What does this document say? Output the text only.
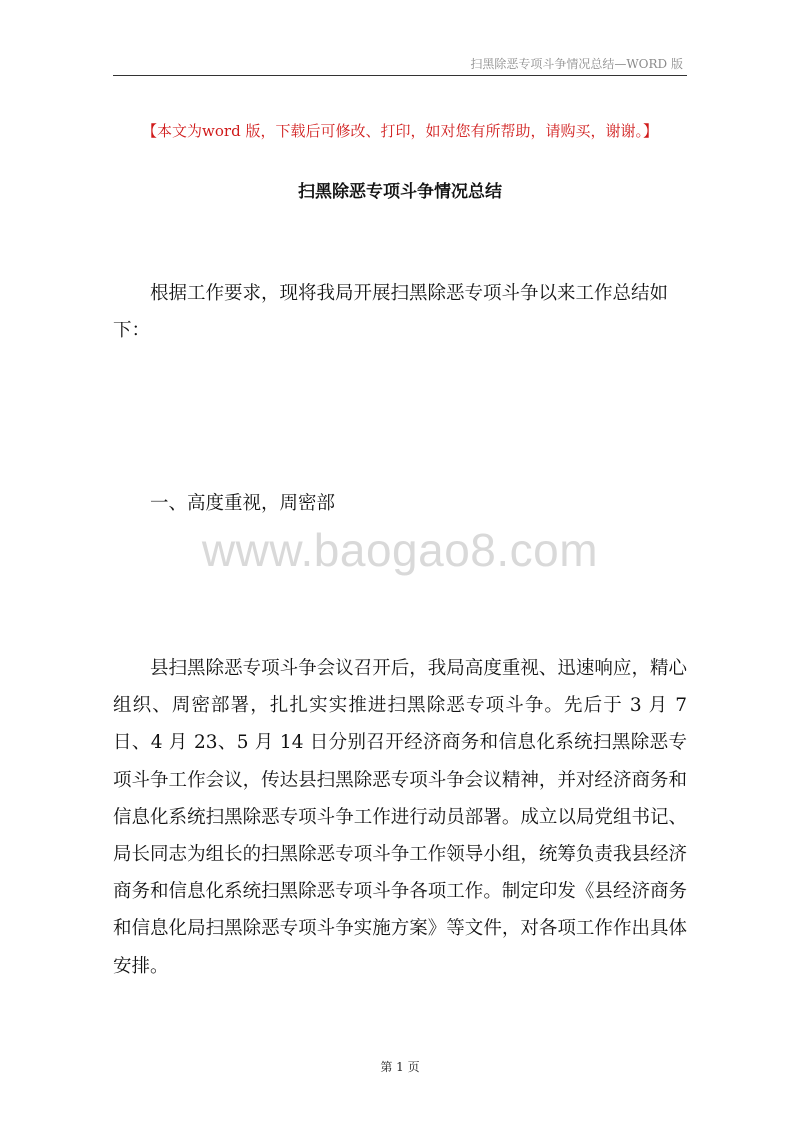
扫黑除恶专项斗争情况总结—WORD 版
【本文为word 版，下载后可修改、打印，如对您有所帮助，请购买，谢谢。】
扫黑除恶专项斗争情况总结

根据工作要求，现将我局开展扫黑除恶专项斗争以来工作总结如下：

一、高度重视，周密部

www.baogao8.com

县扫黑除恶专项斗争会议召开后，我局高度重视、迅速响应，精心组织、周密部署，扎扎实实推进扫黑除恶专项斗争。先后于 3 月 7 日、4 月 23、5 月 14 日分别召开经济商务和信息化系统扫黑除恶专项斗争工作会议，传达县扫黑除恶专项斗争会议精神，并对经济商务和信息化系统扫黑除恶专项斗争工作进行动员部署。成立以局党组书记、局长同志为组长的扫黑除恶专项斗争工作领导小组，统筹负责我县经济商务和信息化系统扫黑除恶专项斗争各项工作。制定印发《县经济商务和信息化局扫黑除恶专项斗争实施方案》等文件，对各项工作作出具体安排。

第 1 页
